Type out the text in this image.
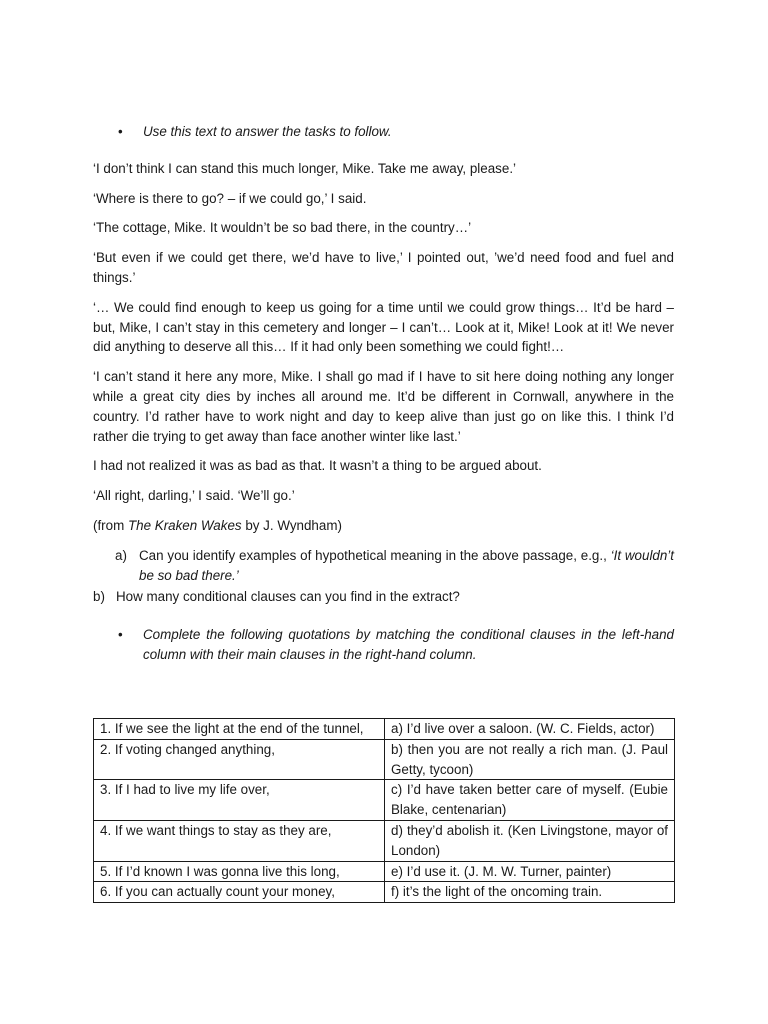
• Use this text to answer the tasks to follow.

‘I don’t think I can stand this much longer, Mike. Take me away, please.’

‘Where is there to go? – if we could go,’ I said.

‘The cottage, Mike. It wouldn’t be so bad there, in the country…’

‘But even if we could get there, we’d have to live,’ I pointed out, ’we’d need food and fuel and things.’

‘… We could find enough to keep us going for a time until we could grow things… It’d be hard – but, Mike, I can’t stay in this cemetery and longer – I can’t… Look at it, Mike! Look at it! We never did anything to deserve all this… If it had only been something we could fight!…

‘I can’t stand it here any more, Mike. I shall go mad if I have to sit here doing nothing any longer while a great city dies by inches all around me. It’d be different in Cornwall, anywhere in the country. I’d rather have to work night and day to keep alive than just go on like this. I think I’d rather die trying to get away than face another winter like last.’

I had not realized it was as bad as that. It wasn’t a thing to be argued about.

‘All right, darling,’ I said. ‘We’ll go.’

(from The Kraken Wakes by J. Wyndham)

a) Can you identify examples of hypothetical meaning in the above passage, e.g., ‘It wouldn’t be so bad there.’
b) How many conditional clauses can you find in the extract?
• Complete the following quotations by matching the conditional clauses in the left-hand column with their main clauses in the right-hand column.
1. If we see the light at the end of the tunnel,	a) I’d live over a saloon. (W. C. Fields, actor)
2. If voting changed anything,	b) then you are not really a rich man. (J. Paul Getty, tycoon)
3. If I had to live my life over,	c) I’d have taken better care of myself. (Eubie Blake, centenarian)
4. If we want things to stay as they are,	d) they’d abolish it. (Ken Livingstone, mayor of London)
5. If I’d known I was gonna live this long,	e) I’d use it. (J. M. W. Turner, painter)
6. If you can actually count your money,	f) it’s the light of the oncoming train.
